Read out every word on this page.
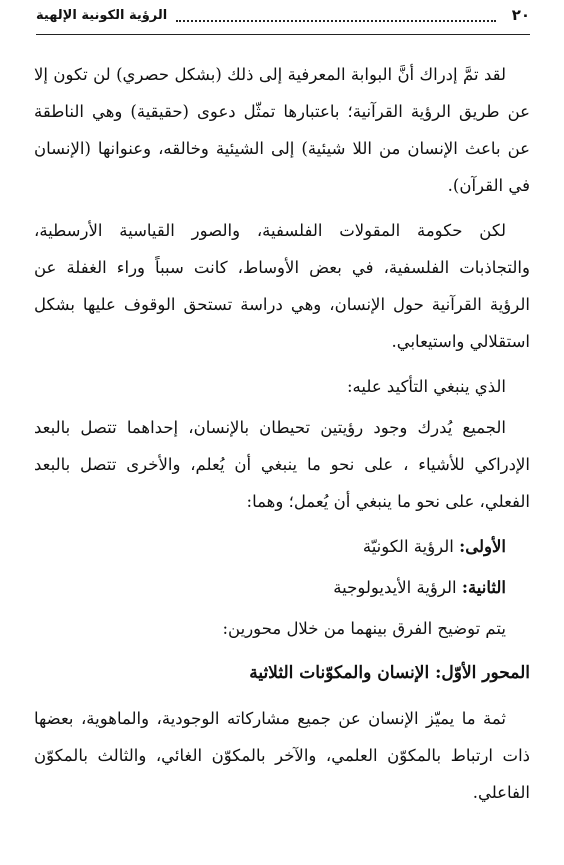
٢٠
الرؤية الكونية الإلهية

لقد تمَّ إدراك أنَّ البوابة المعرفية إلى ذلك (بشكل حصري) لن تكون إلا عن طريق الرؤية القرآنية؛ باعتبارها تمثّل دعوى (حقيقية) وهي الناطقة عن باعث الإنسان من اللا شيئية) إلى الشيئية وخالقه، وعنوانها (الإنسان في القرآن).

لكن حكومة المقولات الفلسفية، والصور القياسية الأرسطية، والتجاذبات الفلسفية، في بعض الأوساط، كانت سبباً وراء الغفلة عن الرؤية القرآنية حول الإنسان، وهي دراسة تستحق الوقوف عليها بشكل استقلالي واستيعابي.

الذي ينبغي التأكيد عليه:

الجميع يُدرك وجود رؤيتين تحيطان بالإنسان، إحداهما تتصل بالبعد الإدراكي للأشياء ، على نحو ما ينبغي أن يُعلم، والأخرى تتصل بالبعد الفعلي، على نحو ما ينبغي أن يُعمل؛ وهما:

الأولى: الرؤية الكونيّة

الثانية: الرؤية الأيديولوجية

يتم توضيح الفرق بينهما من خلال محورين:

المحور الأوّل: الإنسان والمكوّنات الثلاثية

ثمة ما يميّز الإنسان عن جميع مشاركاته الوجودية، والماهوية، بعضها ذات ارتباط بالمكوّن العلمي، والآخر بالمكوّن الغائي، والثالث بالمكوّن الفاعلي.
